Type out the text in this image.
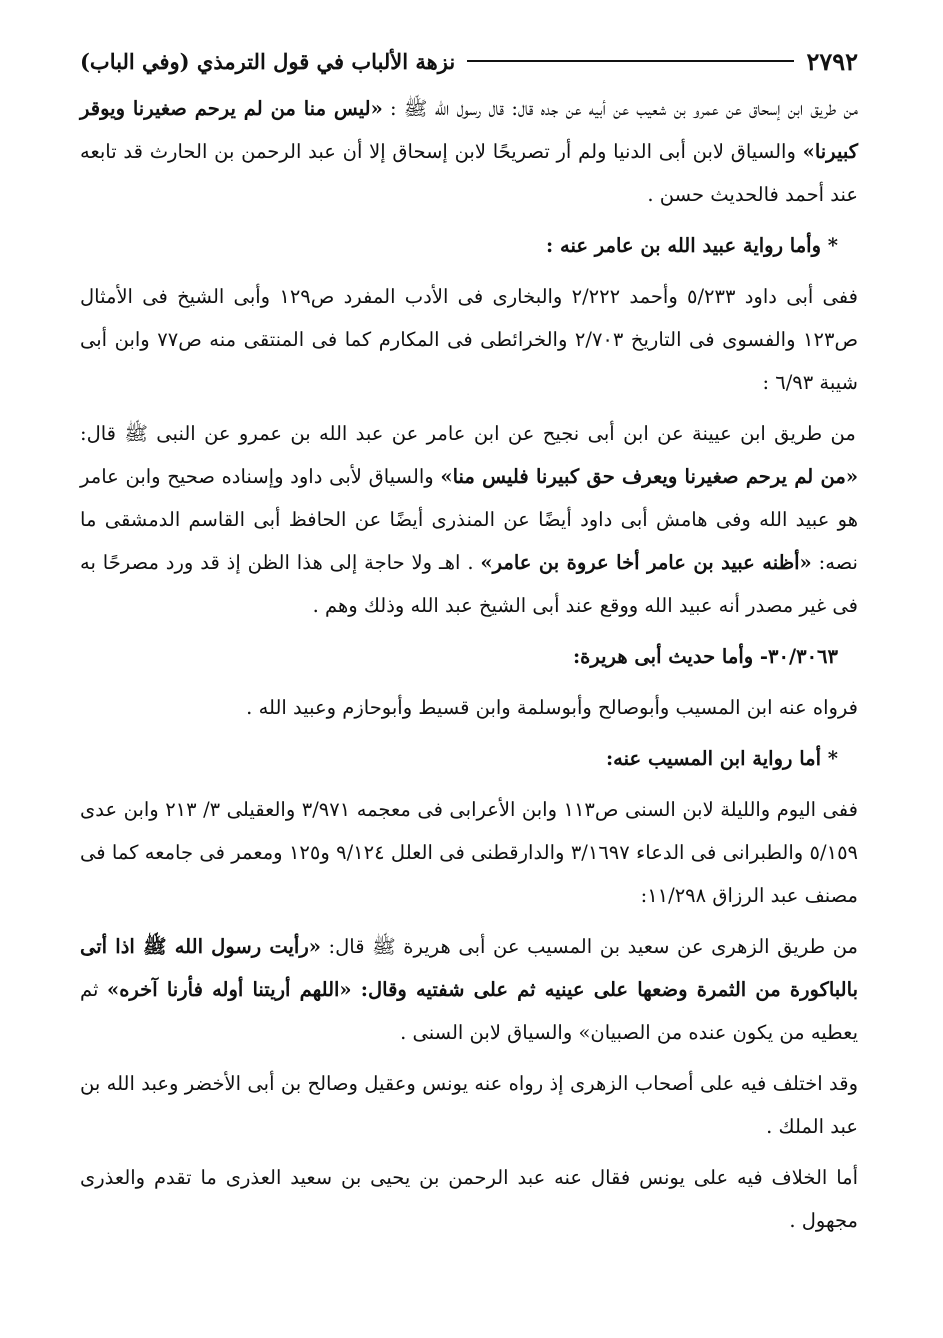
٢٧٩٢
نزهة الألباب في قول الترمذي (وفي الباب)

من طريق ابن إسحاق عن عمرو بن شعيب عن أبيه عن جده قال: قال رسول الله ﷺ : «ليس منا من لم يرحم صغيرنا ويوقر كبيرنا» والسياق لابن أبى الدنيا ولم أر تصريحًا لابن إسحاق إلا أن عبد الرحمن بن الحارث قد تابعه عند أحمد فالحديث حسن .

* وأما رواية عبيد الله بن عامر عنه :

ففى أبى داود ٥/٢٣٣ وأحمد ٢/٢٢٢ والبخارى فى الأدب المفرد ص١٢٩ وأبى الشيخ فى الأمثال ص١٢٣ والفسوى فى التاريخ ٢/٧٠٣ والخرائطى فى المكارم كما فى المنتقى منه ص٧٧ وابن أبى شيبة ٦/٩٣ :

من طريق ابن عيينة عن ابن أبى نجيح عن ابن عامر عن عبد الله بن عمرو عن النبى ﷺ قال: «من لم يرحم صغيرنا ويعرف حق كبيرنا فليس منا» والسياق لأبى داود وإسناده صحيح وابن عامر هو عبيد الله وفى هامش أبى داود أيضًا عن المنذرى أيضًا عن الحافظ أبى القاسم الدمشقى ما نصه: «أظنه عبيد بن عامر أخا عروة بن عامر» . اهـ ولا حاجة إلى هذا الظن إذ قد ورد مصرحًا به فى غير مصدر أنه عبيد الله ووقع عند أبى الشيخ عبد الله وذلك وهم .

٣٠/٣٠٦٣- وأما حديث أبى هريرة:

فرواه عنه ابن المسيب وأبوصالح وأبوسلمة وابن قسيط وأبوحازم وعبيد الله .

* أما رواية ابن المسيب عنه:

ففى اليوم والليلة لابن السنى ص١١٣ وابن الأعرابى فى معجمه ٣/٩٧١ والعقيلى ٣/ ٢١٣ وابن عدى ٥/١٥٩ والطبرانى فى الدعاء ٣/١٦٩٧ والدارقطنى فى العلل ٩/١٢٤ و١٢٥ ومعمر فى جامعه كما فى مصنف عبد الرزاق ١١/٢٩٨:

من طريق الزهرى عن سعيد بن المسيب عن أبى هريرة ﷺ قال: «رأيت رسول الله ﷺ اذا أتى بالباكورة من الثمرة وضعها على عينيه ثم على شفتيه وقال: «اللهم أريتنا أوله فأرنا آخره» ثم يعطيه من يكون عنده من الصبيان» والسياق لابن السنى .

وقد اختلف فيه على أصحاب الزهرى إذ رواه عنه يونس وعقيل وصالح بن أبى الأخضر وعبد الله بن عبد الملك .

أما الخلاف فيه على يونس فقال عنه عبد الرحمن بن يحيى بن سعيد العذرى ما تقدم والعذرى مجهول .
